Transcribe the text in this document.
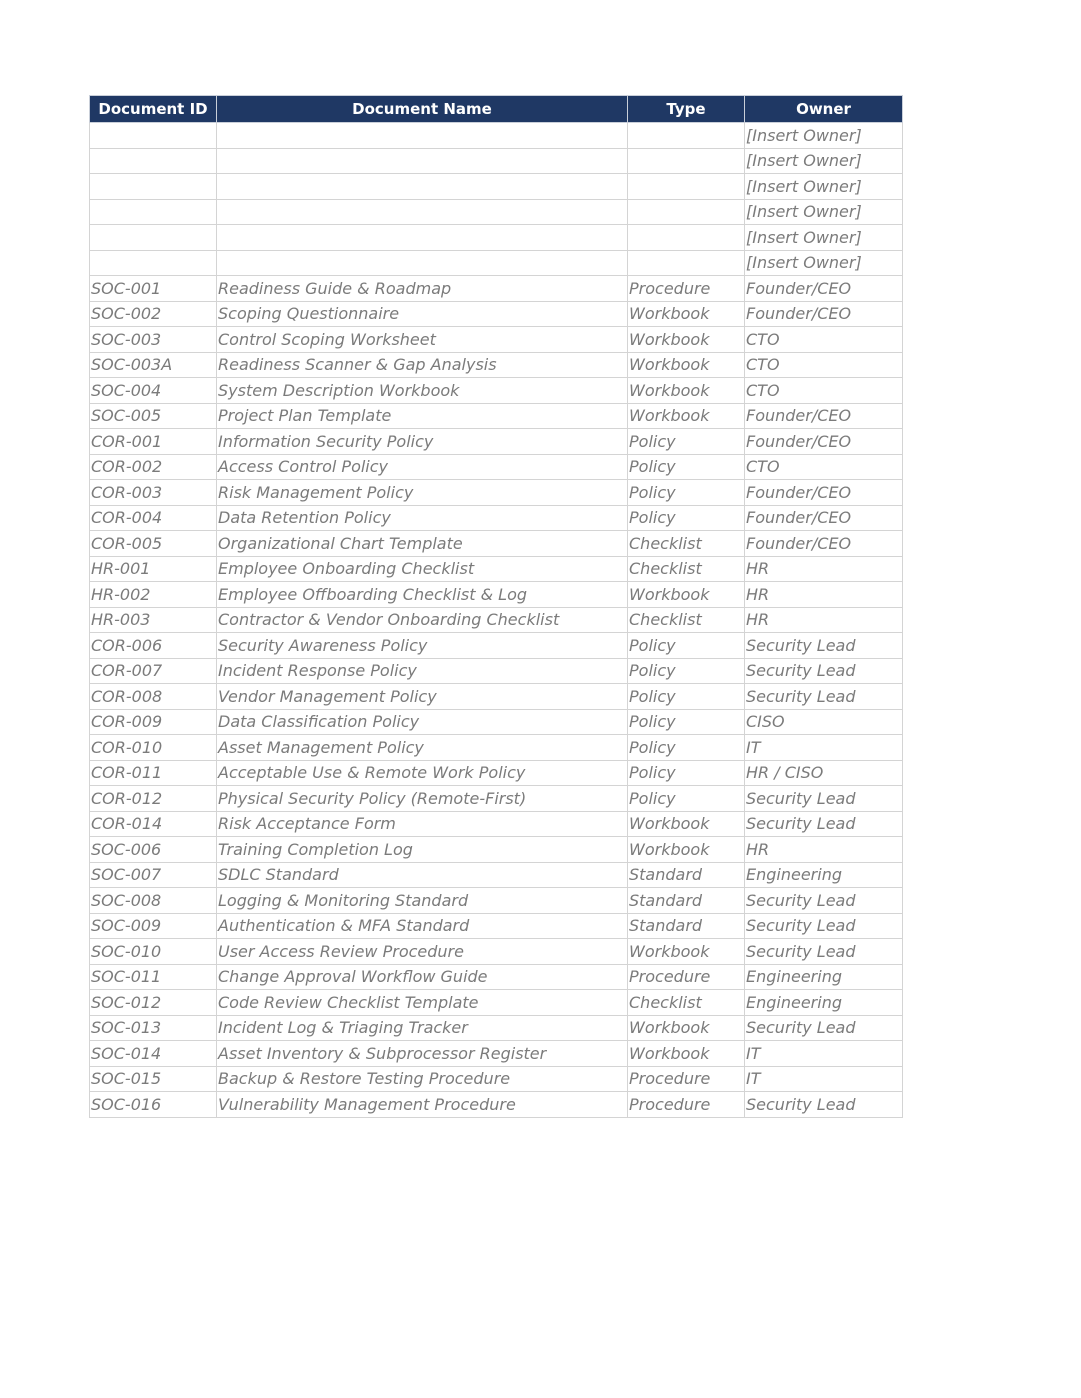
Document ID	Document Name	Type	Owner
			[Insert Owner]
			[Insert Owner]
			[Insert Owner]
			[Insert Owner]
			[Insert Owner]
			[Insert Owner]
SOC-001	Readiness Guide & Roadmap	Procedure	Founder/CEO
SOC-002	Scoping Questionnaire	Workbook	Founder/CEO
SOC-003	Control Scoping Worksheet	Workbook	CTO
SOC-003A	Readiness Scanner & Gap Analysis	Workbook	CTO
SOC-004	System Description Workbook	Workbook	CTO
SOC-005	Project Plan Template	Workbook	Founder/CEO
COR-001	Information Security Policy	Policy	Founder/CEO
COR-002	Access Control Policy	Policy	CTO
COR-003	Risk Management Policy	Policy	Founder/CEO
COR-004	Data Retention Policy	Policy	Founder/CEO
COR-005	Organizational Chart Template	Checklist	Founder/CEO
HR-001	Employee Onboarding Checklist	Checklist	HR
HR-002	Employee Offboarding Checklist & Log	Workbook	HR
HR-003	Contractor & Vendor Onboarding Checklist	Checklist	HR
COR-006	Security Awareness Policy	Policy	Security Lead
COR-007	Incident Response Policy	Policy	Security Lead
COR-008	Vendor Management Policy	Policy	Security Lead
COR-009	Data Classification Policy	Policy	CISO
COR-010	Asset Management Policy	Policy	IT
COR-011	Acceptable Use & Remote Work Policy	Policy	HR / CISO
COR-012	Physical Security Policy (Remote-First)	Policy	Security Lead
COR-014	Risk Acceptance Form	Workbook	Security Lead
SOC-006	Training Completion Log	Workbook	HR
SOC-007	SDLC Standard	Standard	Engineering
SOC-008	Logging & Monitoring Standard	Standard	Security Lead
SOC-009	Authentication & MFA Standard	Standard	Security Lead
SOC-010	User Access Review Procedure	Workbook	Security Lead
SOC-011	Change Approval Workflow Guide	Procedure	Engineering
SOC-012	Code Review Checklist Template	Checklist	Engineering
SOC-013	Incident Log & Triaging Tracker	Workbook	Security Lead
SOC-014	Asset Inventory & Subprocessor Register	Workbook	IT
SOC-015	Backup & Restore Testing Procedure	Procedure	IT
SOC-016	Vulnerability Management Procedure	Procedure	Security Lead
